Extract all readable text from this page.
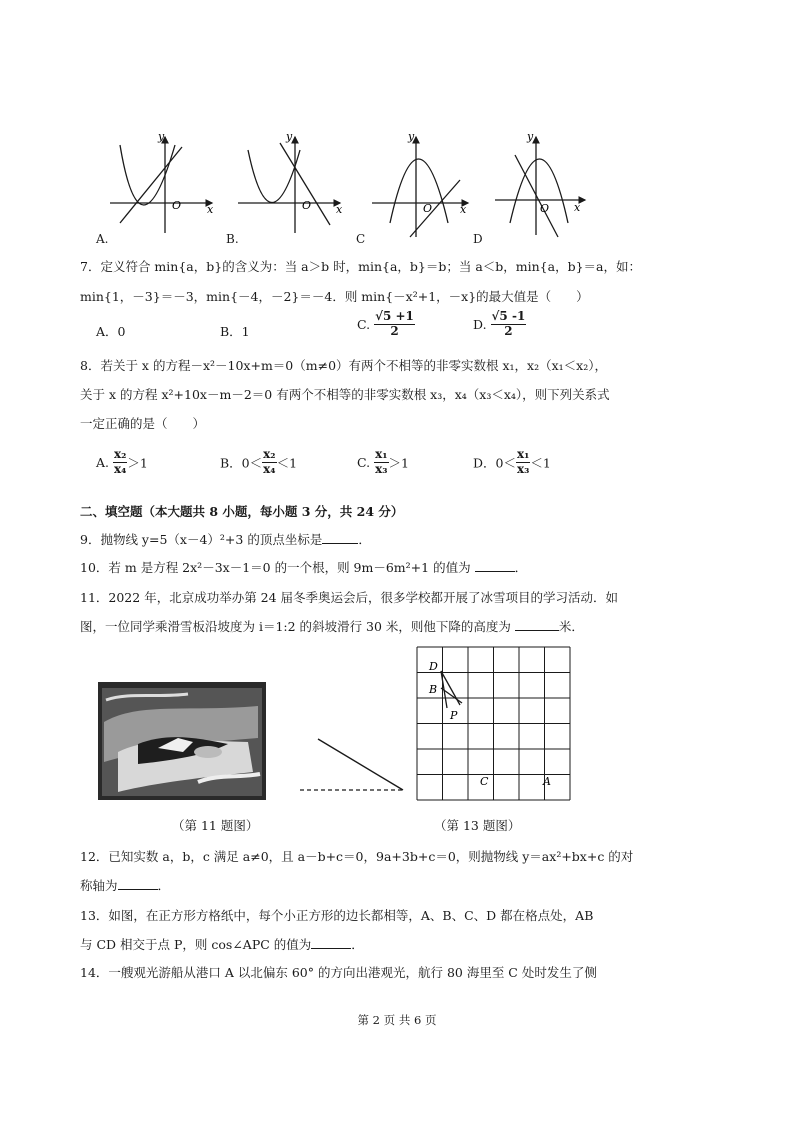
y
O x
y
O x
y
O	x
y
O x
A.	B.	C	D
7．定义符合 min{a，b}的含义为：当 a＞b 时，min{a，b}＝b；当 a＜b，min{a，b}＝a，如：
min{1，－3}＝－3，min{－4，－2}＝－4．则 min{－x²+1，－x}的最大值是（　　）
A．0	B．1	C. $\frac{√5 +1}{2}$	D. $\frac{√5 -1}{2}$
8．若关于 x 的方程－x²－10x+m＝0（m≠0）有两个不相等的非零实数根 x₁，x₂（x₁＜x₂），
关于 x 的方程 x²+10x－m－2＝0 有两个不相等的非零实数根 x₃，x₄（x₃＜x₄），则下列关系式
一定正确的是（　　）
A. $\frac{\text{x₂}}{\text{x₄}} >1$	B．$0< \frac{\text{x₂}}{\text{x₄}} <1$	C. $\frac{\text{x₁}}{\text{x₃}} >1$	D．$0< \frac{\text{x₁}}{\text{x₃}} <1$
二、填空题（本大题共 8 小题，每小题 3 分，共 24 分）
9．抛物线 y=5（x－4）²+3 的顶点坐标是	．
10．若 m 是方程 2x²－3x－1＝0 的一个根，则 9m－6m²+1 的值为	．
11．2022 年，北京成功举办第 24 届冬季奥运会后，很多学校都开展了冰雪项目的学习活动．如
图，一位同学乘滑雪板沿坡度为 i＝1:2 的斜坡滑行 30 米，则他下降的高度为	米．
D
B
P
C	A
（第 11 题图）	（第 13 题图）
12．已知实数 a，b，c 满足 a≠0，且 a－b+c＝0，9a+3b+c＝0，则抛物线 y＝ax²+bx+c 的对
称轴为	．
13．如图，在正方形方格纸中，每个小正方形的边长都相等，A、B、C、D 都在格点处，AB
与 CD 相交于点 P，则 cos∠APC 的值为	．
14．一艘观光游船从港口 A 以北偏东 60° 的方向出港观光，航行 80 海里至 C 处时发生了侧
第 2 页 共 6 页
